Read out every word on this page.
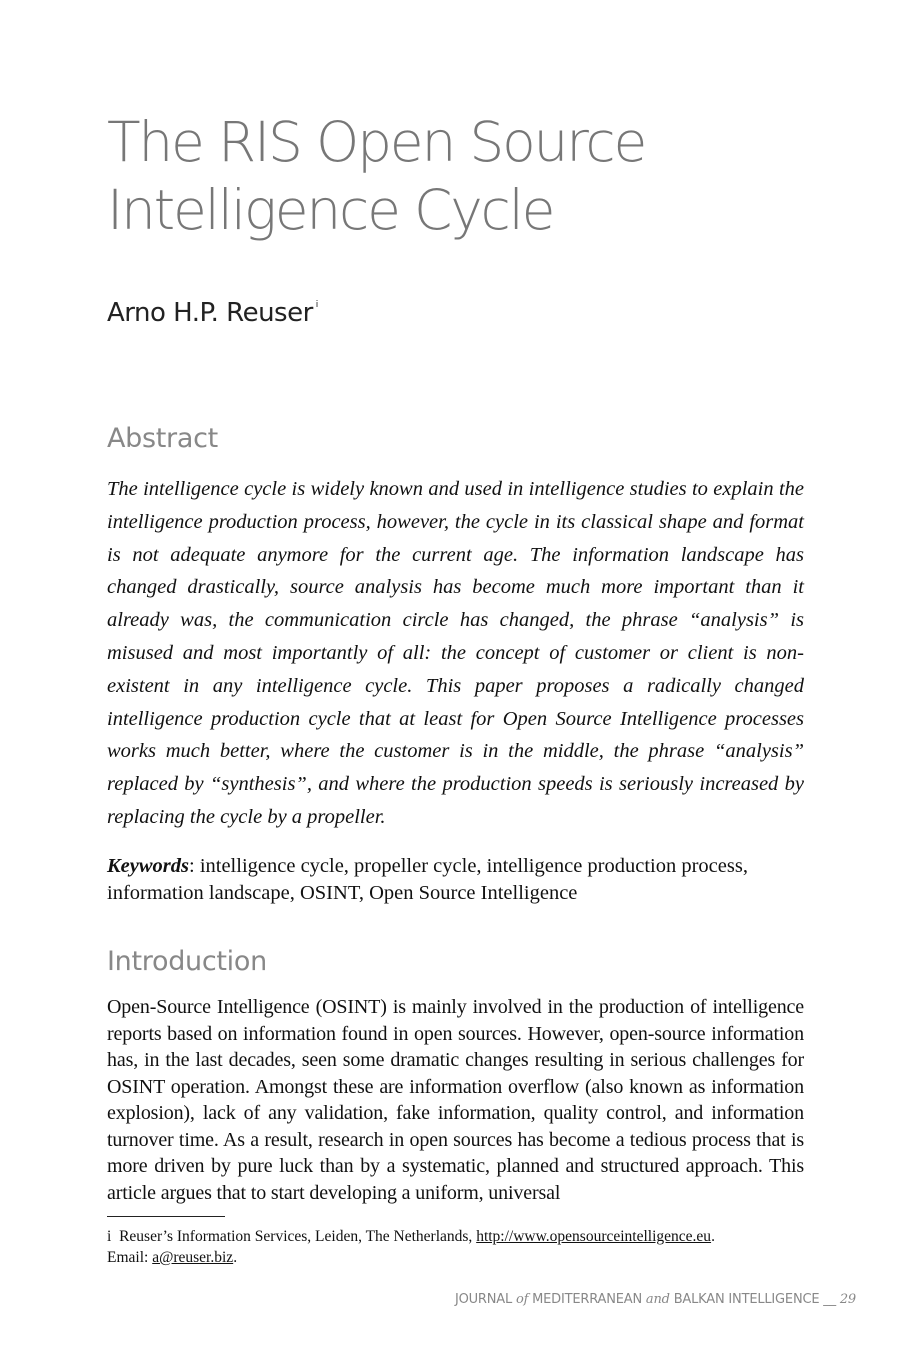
The RIS Open Source Intelligence Cycle

Arno H.P. Reuser $^i$

Abstract

The intelligence cycle is widely known and used in intelligence studies to explain the intelligence production process, however, the cycle in its classical shape and format is not adequate anymore for the current age. The information landscape has changed drastically, source analysis has become much more important than it already was, the communication circle has changed, the phrase “analysis” is misused and most importantly of all: the concept of customer or client is non-existent in any intelligence cycle. This paper proposes a radically changed intelligence production cycle that at least for Open Source Intelligence processes works much better, where the customer is in the middle, the phrase “analysis” replaced by “synthesis”, and where the production speeds is seriously increased by replacing the cycle by a propeller.

Keywords: intelligence cycle, propeller cycle, intelligence production process, information landscape, OSINT, Open Source Intelligence

Introduction

Open-Source Intelligence (OSINT) is mainly involved in the production of intelligence reports based on information found in open sources. However, open-source information has, in the last decades, seen some dramatic changes resulting in serious challenges for OSINT operation. Amongst these are information overflow (also known as information explosion), lack of any validation, fake information, quality control, and information turnover time. As a result, research in open sources has become a tedious process that is more driven by pure luck than by a systematic, planned and structured approach. This article argues that to start developing a uniform, universal

i Reuser’s Information Services, Leiden, The Netherlands, http://www.opensourceintelligence.eu.
Email: a@reuser.biz.

JOURNAL of MEDITERRANEAN and BALKAN INTELLIGENCE __ 29
